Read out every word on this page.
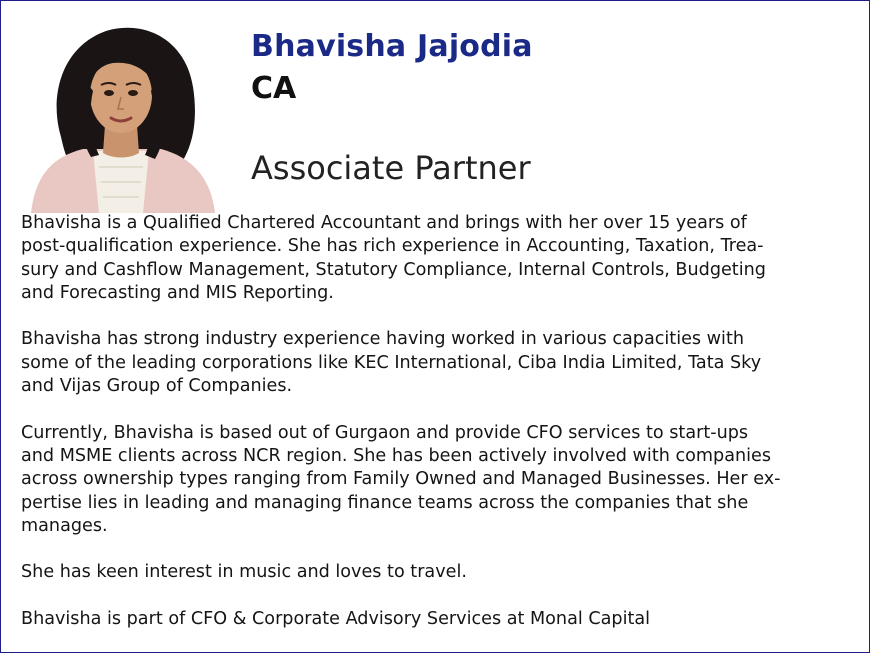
Bhavisha Jajodia
CA
Associate Partner
Bhavisha is a Qualified Chartered Accountant and brings with her over 15 years of
post-qualification experience. She has rich experience in Accounting, Taxation, Trea-
sury and Cashflow Management, Statutory Compliance, Internal Controls, Budgeting
and Forecasting and MIS Reporting.
Bhavisha has strong industry experience having worked in various capacities with
some of the leading corporations like KEC International, Ciba India Limited, Tata Sky
and Vijas Group of Companies.
Currently, Bhavisha is based out of Gurgaon and provide CFO services to start-ups
and MSME clients across NCR region. She has been actively involved with companies
across ownership types ranging from Family Owned and Managed Businesses. Her ex-
pertise lies in leading and managing finance teams across the companies that she
manages.
She has keen interest in music and loves to travel.
Bhavisha is part of CFO & Corporate Advisory Services at Monal Capital
